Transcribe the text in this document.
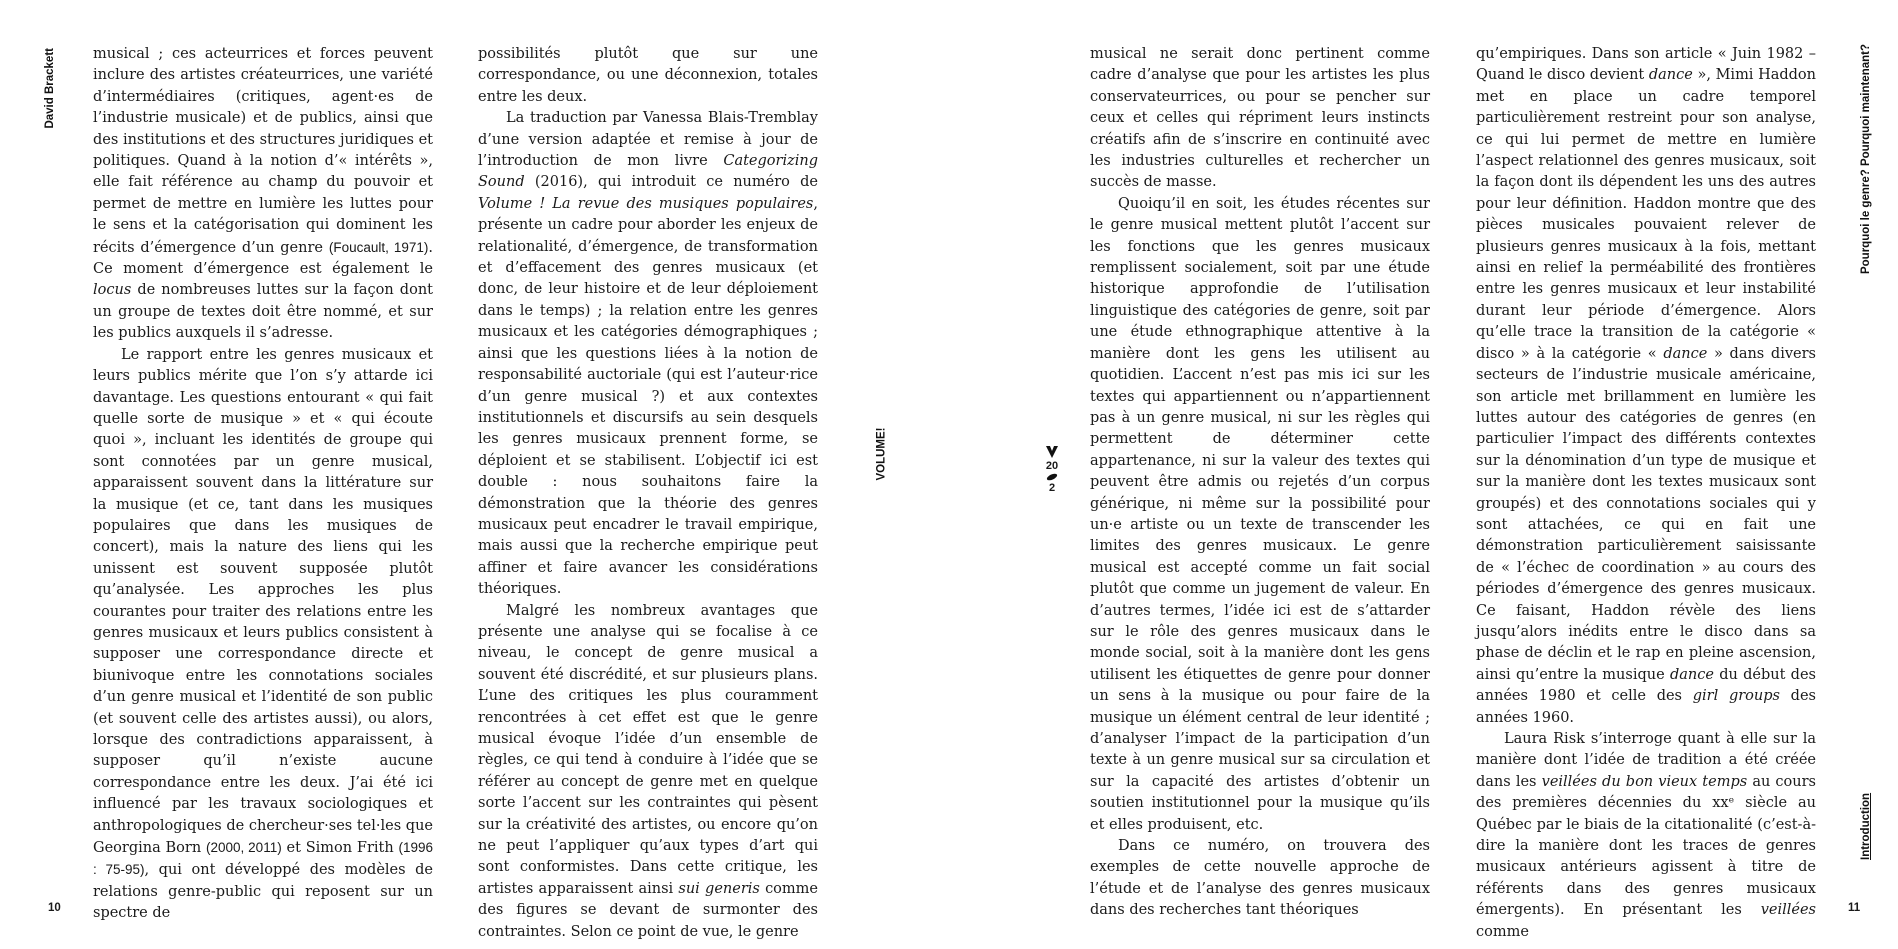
David Brackett	musical ; ces acteurrices et forces peuvent inclure des artistes créateurrices, une variété d’intermédiaires (critiques, agent·es de l’industrie musicale) et de publics, ainsi que des institutions et des structures juridiques et politiques. Quand à la notion d’« intérêts », elle fait référence au champ du pouvoir et permet de mettre en lumière les luttes pour le sens et la catégorisation qui dominent les récits d’émergence d’un genre (Foucault, 1971). Ce moment d’émergence est également le locus de nombreuses luttes sur la façon dont un groupe de textes doit être nommé, et sur les publics auxquels il s’adresse.

Le rapport entre les genres musicaux et leurs publics mérite que l’on s’y attarde ici davantage. Les questions entourant « qui fait quelle sorte de musique » et « qui écoute quoi », incluant les identités de groupe qui sont connotées par un genre musical, apparaissent souvent dans la littérature sur la musique (et ce, tant dans les musiques populaires que dans les musiques de concert), mais la nature des liens qui les unissent est souvent supposée plutôt qu’analysée. Les approches les plus courantes pour traiter des relations entre les genres musicaux et leurs publics consistent à supposer une correspondance directe et biunivoque entre les connotations sociales d’un genre musical et l’identité de son public (et souvent celle des artistes aussi), ou alors, lorsque des contradictions apparaissent, à supposer qu’il n’existe aucune correspondance entre les deux. J’ai été ici influencé par les travaux sociologiques et anthropologiques de chercheur·ses tel·les que Georgina Born (2000, 2011) et Simon Frith (1996 : 75-95), qui ont développé des modèles de relations genre-public qui reposent sur un spectre de

possibilités plutôt que sur une correspondance, ou une déconnexion, totales entre les deux.

La traduction par Vanessa Blais-Tremblay d’une version adaptée et remise à jour de l’introduction de mon livre Categorizing Sound (2016), qui introduit ce numéro de Volume ! La revue des musiques populaires, présente un cadre pour aborder les enjeux de relationalité, d’émergence, de transformation et d’effacement des genres musicaux (et donc, de leur histoire et de leur déploiement dans le temps) ; la relation entre les genres musicaux et les catégories démographiques ; ainsi que les questions liées à la notion de responsabilité auctoriale (qui est l’auteur·rice d’un genre musical ?) et aux contextes institutionnels et discursifs au sein desquels les genres musicaux prennent forme, se déploient et se stabilisent. L’objectif ici est double : nous souhaitons faire la démonstration que la théorie des genres musicaux peut encadrer le travail empirique, mais aussi que la recherche empirique peut affiner et faire avancer les considérations théoriques.

Malgré les nombreux avantages que présente une analyse qui se focalise à ce niveau, le concept de genre musical a souvent été discrédité, et sur plusieurs plans. L’une des critiques les plus couramment rencontrées à cet effet est que le genre musical évoque l’idée d’un ensemble de règles, ce qui tend à conduire à l’idée que se référer au concept de genre met en quelque sorte l’accent sur les contraintes qui pèsent sur la créativité des artistes, ou encore qu’on ne peut l’appliquer qu’aux types d’art qui sont conformistes. Dans cette critique, les artistes apparaissent ainsi sui generis comme des figures se devant de surmonter des contraintes. Selon ce point de vue, le genre

VOLUME!	20
2

musical ne serait donc pertinent comme cadre d’analyse que pour les artistes les plus conservateurrices, ou pour se pencher sur ceux et celles qui répriment leurs instincts créatifs afin de s’inscrire en continuité avec les industries culturelles et rechercher un succès de masse.

Quoiqu’il en soit, les études récentes sur le genre musical mettent plutôt l’accent sur les fonctions que les genres musicaux remplissent socialement, soit par une étude historique approfondie de l’utilisation linguistique des catégories de genre, soit par une étude ethnographique attentive à la manière dont les gens les utilisent au quotidien. L’accent n’est pas mis ici sur les textes qui appartiennent ou n’appartiennent pas à un genre musical, ni sur les règles qui permettent de déterminer cette appartenance, ni sur la valeur des textes qui peuvent être admis ou rejetés d’un corpus générique, ni même sur la possibilité pour un·e artiste ou un texte de transcender les limites des genres musicaux. Le genre musical est accepté comme un fait social plutôt que comme un jugement de valeur. En d’autres termes, l’idée ici est de s’attarder sur le rôle des genres musicaux dans le monde social, soit à la manière dont les gens utilisent les étiquettes de genre pour donner un sens à la musique ou pour faire de la musique un élément central de leur identité ; d’analyser l’impact de la participation d’un texte à un genre musical sur sa circulation et sur la capacité des artistes d’obtenir un soutien institutionnel pour la musique qu’ils et elles produisent, etc.

Dans ce numéro, on trouvera des exemples de cette nouvelle approche de l’étude et de l’analyse des genres musicaux dans des recherches tant théoriques

qu’empiriques. Dans son article « Juin 1982 – Quand le disco devient dance », Mimi Haddon met en place un cadre temporel particulièrement restreint pour son analyse, ce qui lui permet de mettre en lumière l’aspect relationnel des genres musicaux, soit la façon dont ils dépendent les uns des autres pour leur définition. Haddon montre que des pièces musicales pouvaient relever de plusieurs genres musicaux à la fois, mettant ainsi en relief la perméabilité des frontières entre les genres musicaux et leur instabilité durant leur période d’émergence. Alors qu’elle trace la transition de la catégorie « disco » à la catégorie « dance » dans divers secteurs de l’industrie musicale américaine, son article met brillamment en lumière les luttes autour des catégories de genres (en particulier l’impact des différents contextes sur la dénomination d’un type de musique et sur la manière dont les textes musicaux sont groupés) et des connotations sociales qui y sont attachées, ce qui en fait une démonstration particulièrement saisissante de « l’échec de coordination » au cours des périodes d’émergence des genres musicaux. Ce faisant, Haddon révèle des liens jusqu’alors inédits entre le disco dans sa phase de déclin et le rap en pleine ascension, ainsi qu’entre la musique dance du début des années 1980 et celle des girl groups des années 1960.

Laura Risk s’interroge quant à elle sur la manière dont l’idée de tradition a été créée dans les veillées du bon vieux temps au cours des premières décennies du xxᵉ siècle au Québec par le biais de la citationalité (c’est-à-dire la manière dont les traces de genres musicaux antérieurs agissent à titre de référents dans des genres musicaux émergents). En présentant les veillées comme

Pourquoi le genre? Pourquoi maintenant?
Introduction
10	11
